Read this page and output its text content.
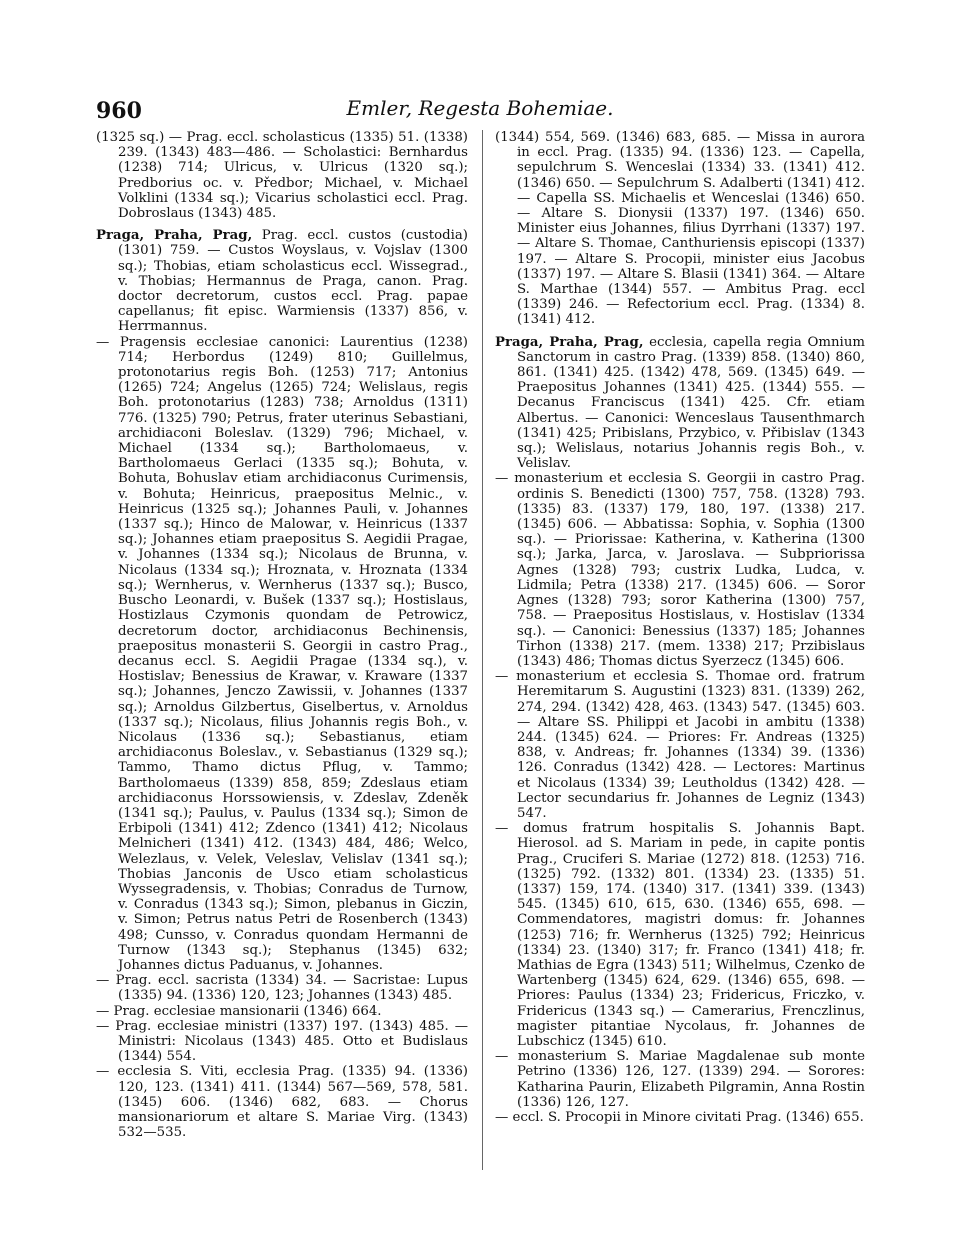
960	Emler, Regesta Bohemiae.

(1325 sq.) — Prag. eccl. scholasticus (1335) 51. (1338) 239. (1343) 483—486. — Scholastici: Bernhardus (1238) 714; Ulricus, v. Ulricus (1320 sq.); Predborius oc. v. Předbor; Michael, v. Michael Volklini (1334 sq.); Vicarius scholastici eccl. Prag. Dobroslaus (1343) 485.

Praga, Praha, Prag, Prag. eccl. custos (custodia) (1301) 759. — Custos Woyslaus, v. Vojslav (1300 sq.); Thobias, etiam scholasticus eccl. Wissegrad., v. Thobias; Hermannus de Praga, canon. Prag. doctor decretorum, custos eccl. Prag. papae capellanus; fit episc. Warmiensis (1337) 856, v. Herrmannus.

— Pragensis ecclesiae canonici: Laurentius (1238) 714; Herbordus (1249) 810; Guillelmus, protonotarius regis Boh. (1253) 717; Antonius (1265) 724; Angelus (1265) 724; Welislaus, regis Boh. protonotarius (1283) 738; Arnoldus (1311) 776. (1325) 790; Petrus, frater uterinus Sebastiani, archidiaconi Boleslav. (1329) 796; Michael, v. Michael (1334 sq.); Bartholomaeus, v. Bartholomaeus Gerlaci (1335 sq.); Bohuta, v. Bohuta, Bohuslav etiam archidiaconus Curimensis, v. Bohuta; Heinricus, praepositus Melnic., v. Heinricus (1325 sq.); Johannes Pauli, v. Johannes (1337 sq.); Hinco de Malowar, v. Heinricus (1337 sq.); Johannes etiam praepositus S. Aegidii Pragae, v. Johannes (1334 sq.); Nicolaus de Brunna, v. Nicolaus (1334 sq.); Hroznata, v. Hroznata (1334 sq.); Wernherus, v. Wernherus (1337 sq.); Busco, Buscho Leonardi, v. Bušek (1337 sq.); Hostislaus, Hostizlaus Czymonis quondam de Petrowicz, decretorum doctor, archidiaconus Bechinensis, praepositus monasterii S. Georgii in castro Prag., decanus eccl. S. Aegidii Pragae (1334 sq.), v. Hostislav; Benessius de Krawar, v. Kraware (1337 sq.); Johannes, Jenczo Zawissii, v. Johannes (1337 sq.); Arnoldus Gilzbertus, Giselbertus, v. Arnoldus (1337 sq.); Nicolaus, filius Johannis regis Boh., v. Nicolaus (1336 sq.); Sebastianus, etiam archidiaconus Boleslav., v. Sebastianus (1329 sq.); Tammo, Thamo dictus Pflug, v. Tammo; Bartholomaeus (1339) 858, 859; Zdeslaus etiam archidiaconus Horssowiensis, v. Zdeslav, Zdeněk (1341 sq.); Paulus, v. Paulus (1334 sq.); Simon de Erbipoli (1341) 412; Zdenco (1341) 412; Nicolaus Melnicheri (1341) 412. (1343) 484, 486; Welco, Welezlaus, v. Velek, Veleslav, Velislav (1341 sq.); Thobias Janconis de Usco etiam scholasticus Wyssegradensis, v. Thobias; Conradus de Turnow, v. Conradus (1343 sq.); Simon, plebanus in Giczin, v. Simon; Petrus natus Petri de Rosenberch (1343) 498; Cunsso, v. Conradus quondam Hermanni de Turnow (1343 sq.); Stephanus (1345) 632; Johannes dictus Paduanus, v. Johannes.

— Prag. eccl. sacrista (1334) 34. — Sacristae: Lupus (1335) 94. (1336) 120, 123; Johannes (1343) 485.

— Prag. ecclesiae mansionarii (1346) 664.

— Prag. ecclesiae ministri (1337) 197. (1343) 485. — Ministri: Nicolaus (1343) 485. Otto et Budislaus (1344) 554.

— ecclesia S. Viti, ecclesia Prag. (1335) 94. (1336) 120, 123. (1341) 411. (1344) 567—569, 578, 581. (1345) 606. (1346) 682, 683. — Chorus mansionariorum et altare S. Mariae Virg. (1343) 532—535.

(1344) 554, 569. (1346) 683, 685. — Missa in aurora in eccl. Prag. (1335) 94. (1336) 123. — Capella, sepulchrum S. Wenceslai (1334) 33. (1341) 412. (1346) 650. — Sepulchrum S. Adalberti (1341) 412. — Capella SS. Michaelis et Wenceslai (1346) 650. — Altare S. Dionysii (1337) 197. (1346) 650. Minister eius Johannes, filius Dyrrhani (1337) 197. — Altare S. Thomae, Canthuriensis episcopi (1337) 197. — Altare S. Procopii, minister eius Jacobus (1337) 197. — Altare S. Blasii (1341) 364. — Altare S. Marthae (1344) 557. — Ambitus Prag. eccl (1339) 246. — Refectorium eccl. Prag. (1334) 8. (1341) 412.

Praga, Praha, Prag, ecclesia, capella regia Omnium Sanctorum in castro Prag. (1339) 858. (1340) 860, 861. (1341) 425. (1342) 478, 569. (1345) 649. — Praepositus Johannes (1341) 425. (1344) 555. — Decanus Franciscus (1341) 425. Cfr. etiam Albertus. — Canonici: Wenceslaus Tausenthmarch (1341) 425; Pribislans, Przybico, v. Přibislav (1343 sq.); Welislaus, notarius Johannis regis Boh., v. Velislav.

— monasterium et ecclesia S. Georgii in castro Prag. ordinis S. Benedicti (1300) 757, 758. (1328) 793. (1335) 83. (1337) 179, 180, 197. (1338) 217. (1345) 606. — Abbatissa: Sophia, v. Sophia (1300 sq.). — Priorissae: Katherina, v. Katherina (1300 sq.); Jarka, Jarca, v. Jaroslava. — Subpriorissa Agnes (1328) 793; custrix Ludka, Ludca, v. Lidmila; Petra (1338) 217. (1345) 606. — Soror Agnes (1328) 793; soror Katherina (1300) 757, 758. — Praepositus Hostislaus, v. Hostislav (1334 sq.). — Canonici: Benessius (1337) 185; Johannes Tirhon (1338) 217. (mem. 1338) 217; Przibislaus (1343) 486; Thomas dictus Syerzecz (1345) 606.

— monasterium et ecclesia S. Thomae ord. fratrum Heremitarum S. Augustini (1323) 831. (1339) 262, 274, 294. (1342) 428, 463. (1343) 547. (1345) 603. — Altare SS. Philippi et Jacobi in ambitu (1338) 244. (1345) 624. — Priores: Fr. Andreas (1325) 838, v. Andreas; fr. Johannes (1334) 39. (1336) 126. Conradus (1342) 428. — Lectores: Martinus et Nicolaus (1334) 39; Leutholdus (1342) 428. — Lector secundarius fr. Johannes de Legniz (1343) 547.

— domus fratrum hospitalis S. Johannis Bapt. Hierosol. ad S. Mariam in pede, in capite pontis Prag., Cruciferi S. Mariae (1272) 818. (1253) 716. (1325) 792. (1332) 801. (1334) 23. (1335) 51. (1337) 159, 174. (1340) 317. (1341) 339. (1343) 545. (1345) 610, 615, 630. (1346) 655, 698. — Commendatores, magistri domus: fr. Johannes (1253) 716; fr. Wernherus (1325) 792; Heinricus (1334) 23. (1340) 317; fr. Franco (1341) 418; fr. Mathias de Egra (1343) 511; Wilhelmus, Czenko de Wartenberg (1345) 624, 629. (1346) 655, 698. — Priores: Paulus (1334) 23; Fridericus, Friczko, v. Fridericus (1343 sq.) — Camerarius, Frenczlinus, magister pitantiae Nycolaus, fr. Johannes de Lubschicz (1345) 610.

— monasterium S. Mariae Magdalenae sub monte Petrino (1336) 126, 127. (1339) 294. — Sorores: Katharina Paurin, Elizabeth Pilgramin, Anna Rostin (1336) 126, 127.

— eccl. S. Procopii in Minore civitati Prag. (1346) 655.
